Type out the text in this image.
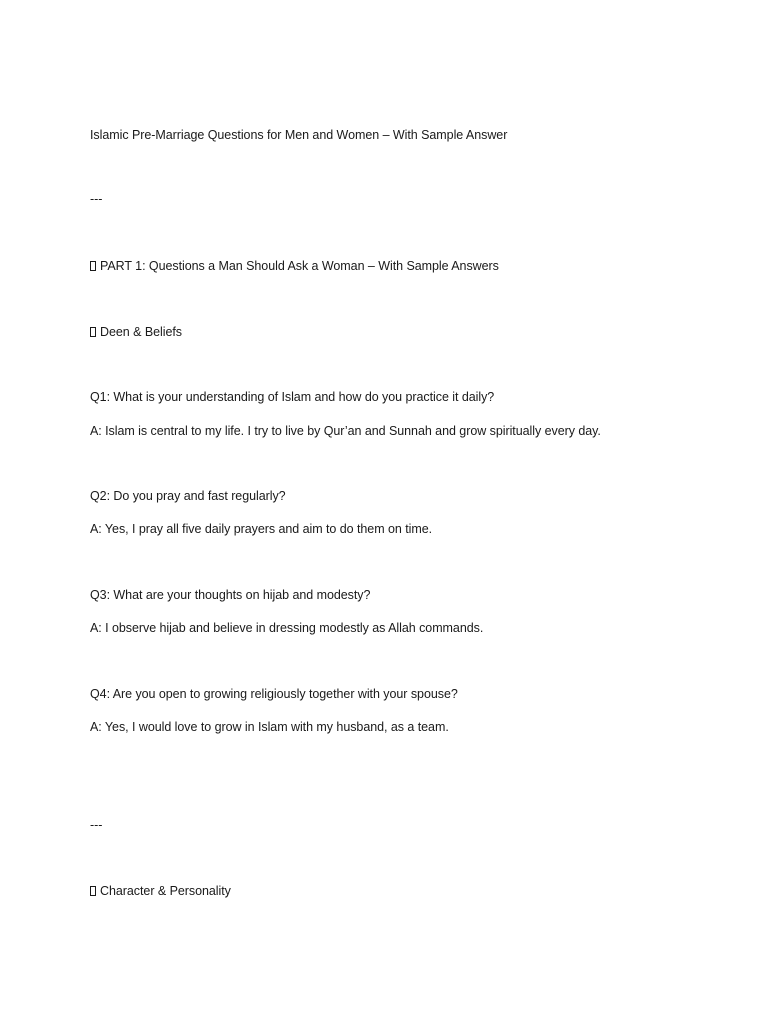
Islamic Pre-Marriage Questions for Men and Women – With Sample Answer
---
PART 1: Questions a Man Should Ask a Woman – With Sample Answers
Deen & Beliefs
Q1: What is your understanding of Islam and how do you practice it daily?
A: Islam is central to my life. I try to live by Qur’an and Sunnah and grow spiritually every day.
Q2: Do you pray and fast regularly?
A: Yes, I pray all five daily prayers and aim to do them on time.
Q3: What are your thoughts on hijab and modesty?
A: I observe hijab and believe in dressing modestly as Allah commands.
Q4: Are you open to growing religiously together with your spouse?
A: Yes, I would love to grow in Islam with my husband, as a team.
---
Character & Personality
